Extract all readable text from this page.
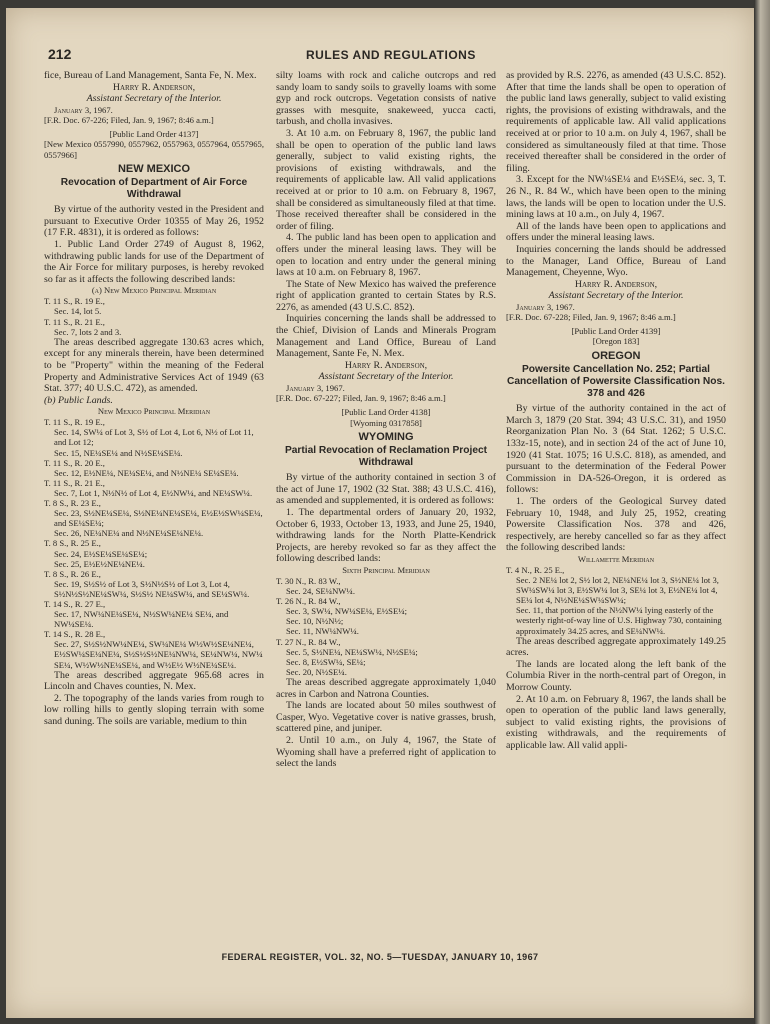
212	RULES AND REGULATIONS

fice, Bureau of Land Management, Santa Fe, N. Mex.

Harry R. Anderson,

Assistant Secretary of the Interior.

January 3, 1967.

[F.R. Doc. 67-226; Filed, Jan. 9, 1967; 8:46 a.m.]

[Public Land Order 4137]

[New Mexico 0557990, 0557962, 0557963, 0557964, 0557965, 0557966]

NEW MEXICO
Revocation of Department of Air Force Withdrawal

By virtue of the authority vested in the President and pursuant to Executive Order 10355 of May 26, 1952 (17 F.R. 4831), it is ordered as follows:

1. Public Land Order 2749 of August 8, 1962, withdrawing public lands for use of the Department of the Air Force for military purposes, is hereby revoked so far as it affects the following described lands:

(a) New Mexico Principal Meridian

T. 11 S., R. 19 E.,
Sec. 14, lot 5.
T. 11 S., R. 21 E.,
Sec. 7, lots 2 and 3.

The areas described aggregate 130.63 acres which, except for any minerals therein, have been determined to be "Property" within the meaning of the Federal Property and Administrative Services Act of 1949 (63 Stat. 377; 40 U.S.C. 472), as amended.

(b) Public Lands.

New Mexico Principal Meridian

T. 11 S., R. 19 E.,
Sec. 14, SW¼ of Lot 3, S½ of Lot 4, Lot 6, N½ of Lot 11, and Lot 12;
Sec. 15, NE¼SE¼ and N½SE¼SE¼.
T. 11 S., R. 20 E.,
Sec. 12, E½NE¼, NE¼SE¼, and N½NE¼ SE¼SE¼.
T. 11 S., R. 21 E.,
Sec. 7, Lot 1, N½N½ of Lot 4, E½NW¼, and NE¼SW¼.
T. 8 S., R. 23 E.,
Sec. 23, S½NE¼SE¼, S½NE¼NE¼SE¼, E½E½SW¼SE¼, and SE¼SE¼;
Sec. 26, NE¼NE¼ and N½NE¼SE¼NE¼.
T. 8 S., R. 25 E.,
Sec. 24, E½SE¼SE¼SE¼;
Sec. 25, E½E½NE¼NE¼.
T. 8 S., R. 26 E.,
Sec. 19, S½S½ of Lot 3, S½N½S½ of Lot 3, Lot 4, S½N½S½NE¼SW¼, S½S½ NE¼SW¼, and SE¼SW¼.
T. 14 S., R. 27 E.,
Sec. 17, NW¼NE¼SE¼, N½SW¼NE¼ SE¼, and NW¼SE¼.
T. 14 S., R. 28 E.,
Sec. 27, S½S½NW¼NE¼, SW¼NE¼ W½W½SE¼NE¼, E½SW¼SE¼NE¼, S½S½S½NE¼NW¼, SE¼NW¼, NW¼ SE¼, W½W½NE¼SE¼, and W½E½ W½NE¼SE¼.

The areas described aggregate 965.68 acres in Lincoln and Chaves counties, N. Mex.

2. The topography of the lands varies from rough to low rolling hills to gently sloping terrain with some sand duning. The soils are variable, medium to thin

silty loams with rock and caliche outcrops and red sandy loam to sandy soils to gravelly loams with some gyp and rock outcrops. Vegetation consists of native grasses with mesquite, snakeweed, yucca cacti, tarbush, and cholla invasives.

3. At 10 a.m. on February 8, 1967, the public land shall be open to operation of the public land laws generally, subject to valid existing rights, the provisions of existing withdrawals, and the requirements of applicable law. All valid applications received at or prior to 10 a.m. on February 8, 1967, shall be considered as simultaneously filed at that time. Those received thereafter shall be considered in the order of filing.

4. The public land has been open to application and offers under the mineral leasing laws. They will be open to location and entry under the general mining laws at 10 a.m. on February 8, 1967.

The State of New Mexico has waived the preference right of application granted to certain States by R.S. 2276, as amended (43 U.S.C. 852).

Inquiries concerning the lands shall be addressed to the Chief, Division of Lands and Minerals Program Management and Land Office, Bureau of Land Management, Sante Fe, N. Mex.

Harry R. Anderson,

Assistant Secretary of the Interior.

January 3, 1967.

[F.R. Doc. 67-227; Filed, Jan. 9, 1967; 8:46 a.m.]

[Public Land Order 4138]

[Wyoming 0317858]

WYOMING
Partial Revocation of Reclamation Project Withdrawal

By virtue of the authority contained in section 3 of the act of June 17, 1902 (32 Stat. 388; 43 U.S.C. 416), as amended and supplemented, it is ordered as follows:

1. The departmental orders of January 20, 1932, October 6, 1933, October 13, 1933, and June 25, 1940, withdrawing lands for the North Platte-Kendrick Projects, are hereby revoked so far as they affect the following described lands:

Sixth Principal Meridian

T. 30 N., R. 83 W.,
Sec. 24, SE¼NW¼.
T. 26 N., R. 84 W.,
Sec. 3, SW¼, NW¼SE¼, E½SE¼;
Sec. 10, N½N½;
Sec. 11, NW¼NW¼.
T. 27 N., R. 84 W.,
Sec. 5, S½NE¼, NE¼SW¼, N½SE¼;
Sec. 8, E½SW¼, SE¼;
Sec. 20, N½SE¼.

The areas described aggregate approximately 1,040 acres in Carbon and Natrona Counties.

The lands are located about 50 miles southwest of Casper, Wyo. Vegetative cover is native grasses, brush, scattered pine, and juniper.

2. Until 10 a.m., on July 4, 1967, the State of Wyoming shall have a preferred right of application to select the lands

as provided by R.S. 2276, as amended (43 U.S.C. 852). After that time the lands shall be open to operation of the public land laws generally, subject to valid existing rights, the provisions of existing withdrawals, and the requirements of applicable law. All valid applications received at or prior to 10 a.m. on July 4, 1967, shall be considered as simultaneously filed at that time. Those received thereafter shall be considered in the order of filing.

3. Except for the NW¼SE¼ and E½SE¼, sec. 3, T. 26 N., R. 84 W., which have been open to the mining laws, the lands will be open to location under the U.S. mining laws at 10 a.m., on July 4, 1967.

All of the lands have been open to applications and offers under the mineral leasing laws.

Inquiries concerning the lands should be addressed to the Manager, Land Office, Bureau of Land Management, Cheyenne, Wyo.

Harry R. Anderson,

Assistant Secretary of the Interior.

January 3, 1967.

[F.R. Doc. 67-228; Filed, Jan. 9, 1967; 8:46 a.m.]

[Public Land Order 4139]

[Oregon 183]

OREGON
Powersite Cancellation No. 252; Partial Cancellation of Powersite Classification Nos. 378 and 426

By virtue of the authority contained in the act of March 3, 1879 (20 Stat. 394; 43 U.S.C. 31), and 1950 Reorganization Plan No. 3 (64 Stat. 1262; 5 U.S.C. 133z-15, note), and in section 24 of the act of June 10, 1920 (41 Stat. 1075; 16 U.S.C. 818), as amended, and pursuant to the determination of the Federal Power Commission in DA-526-Oregon, it is ordered as follows:

1. The orders of the Geological Survey dated February 10, 1948, and July 25, 1952, creating Powersite Classification Nos. 378 and 426, respectively, are hereby cancelled so far as they affect the following described lands:

Willamette Meridian

T. 4 N., R. 25 E.,
Sec. 2 NE¼ lot 2, S½ lot 2, NE¼NE¼ lot 3, S½NE¼ lot 3, SW¼SW¼ lot 3, E½SW¼ lot 3, SE¼ lot 3, E½NE¼ lot 4, SE¼ lot 4, N½NE¼SW¼SW¼;
Sec. 11, that portion of the N½NW¼ lying easterly of the westerly right-of-way line of U.S. Highway 730, containing approximately 34.25 acres, and SE¼NW¼.

The areas described aggregate approximately 149.25 acres.

The lands are located along the left bank of the Columbia River in the north-central part of Oregon, in Morrow County.

2. At 10 a.m. on February 8, 1967, the lands shall be open to operation of the public land laws generally, subject to valid existing rights, the provisions of existing withdrawals, and the requirements of applicable law. All valid appli-

FEDERAL REGISTER, VOL. 32, NO. 5—TUESDAY, JANUARY 10, 1967
